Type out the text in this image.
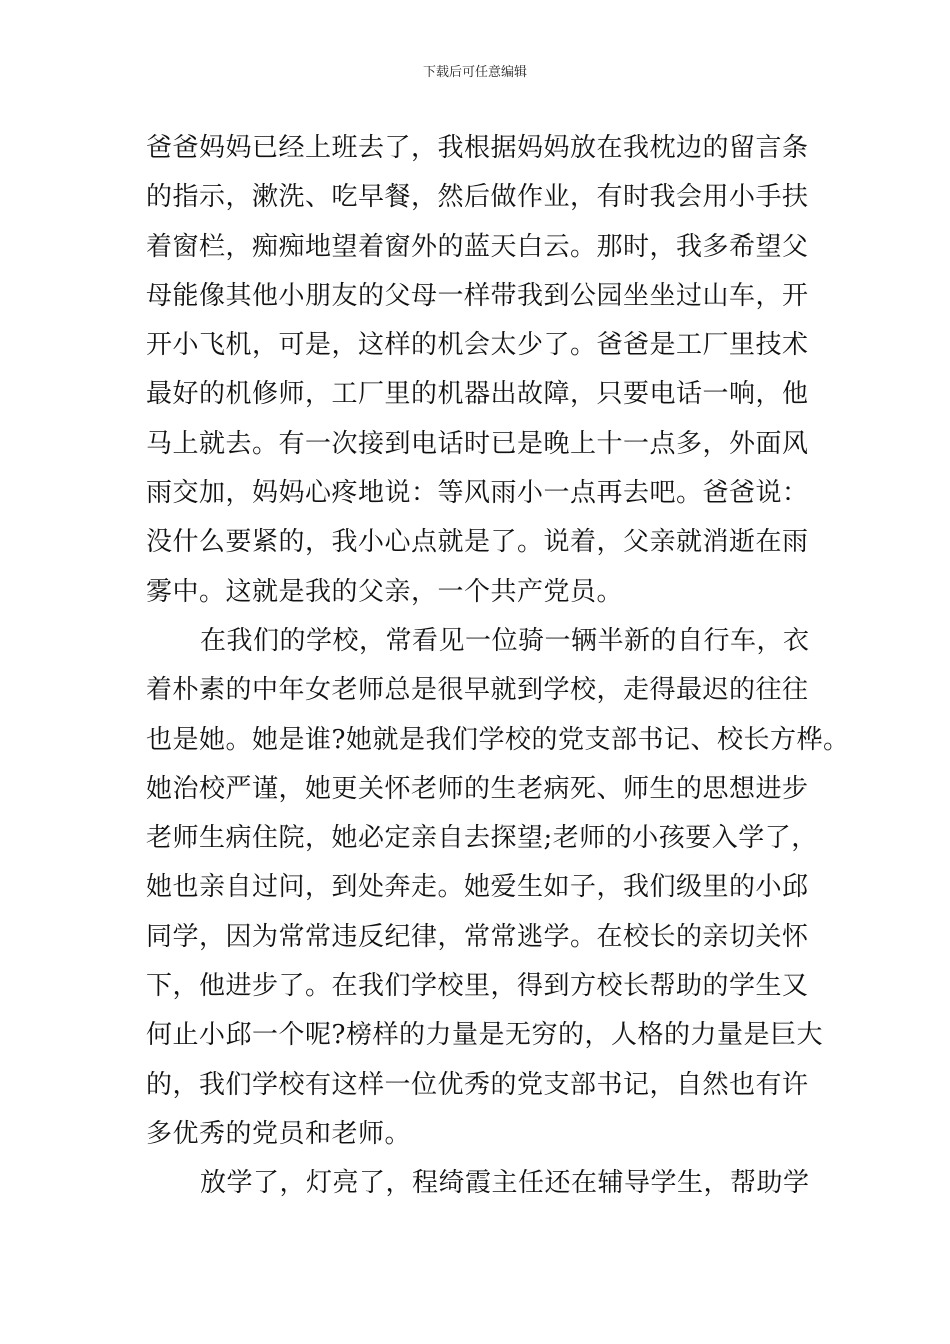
下载后可任意编辑
爸爸妈妈已经上班去了，我根据妈妈放在我枕边的留言条
的指示，漱洗、吃早餐，然后做作业，有时我会用小手扶
着窗栏，痴痴地望着窗外的蓝天白云。那时，我多希望父
母能像其他小朋友的父母一样带我到公园坐坐过山车，开
开小飞机，可是，这样的机会太少了。爸爸是工厂里技术
最好的机修师，工厂里的机器出故障，只要电话一响，他
马上就去。有一次接到电话时已是晚上十一点多，外面风
雨交加，妈妈心疼地说：等风雨小一点再去吧。爸爸说：
没什么要紧的，我小心点就是了。说着，父亲就消逝在雨
雾中。这就是我的父亲，一个共产党员。
在我们的学校，常看见一位骑一辆半新的自行车，衣
着朴素的中年女老师总是很早就到学校，走得最迟的往往
也是她。她是谁?她就是我们学校的党支部书记、校长方桦。
她治校严谨，她更关怀老师的生老病死、师生的思想进步
老师生病住院，她必定亲自去探望;老师的小孩要入学了，
她也亲自过问，到处奔走。她爱生如子，我们级里的小邱
同学，因为常常违反纪律，常常逃学。在校长的亲切关怀
下，他进步了。在我们学校里，得到方校长帮助的学生又
何止小邱一个呢?榜样的力量是无穷的，人格的力量是巨大
的，我们学校有这样一位优秀的党支部书记，自然也有许
多优秀的党员和老师。
放学了，灯亮了，程绮霞主任还在辅导学生，帮助学
